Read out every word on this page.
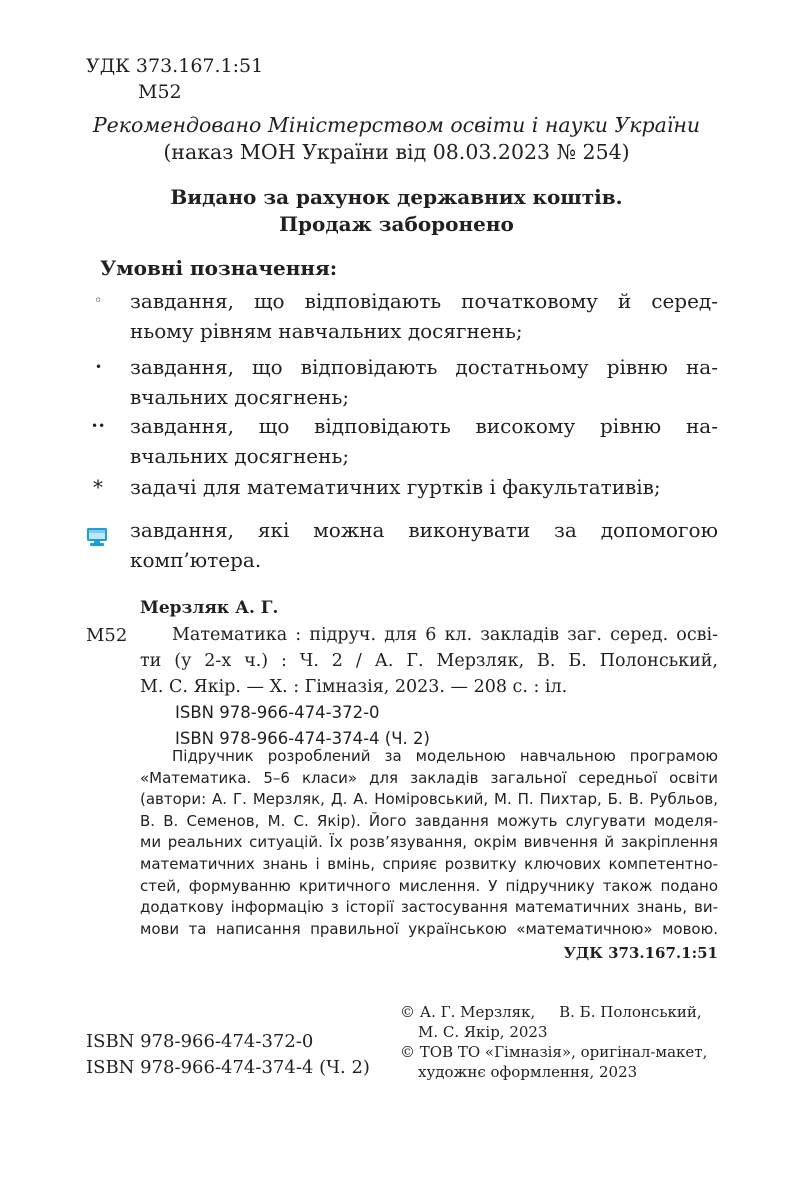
УДК 373.167.1:51
М52
Рекомендовано Міністерством освіти і науки України
(наказ МОН України від 08.03.2023 № 254)
Видано за рахунок державних коштів.
Продаж заборонено
Умовні позначення:
◦	завдання, що відповідають початковому й серед-
ньому рівням навчальних досягнень;
•	завдання, що відповідають достатньому рівню на-
вчальних досягнень;
••	завдання, що відповідають високому рівню на-
вчальних досягнень;
*	задачі для математичних гуртків і факультативів;
завдання, які можна виконувати за допомогою
комп’ютера.
Мерзляк А. Г.
М52	Математика : підруч. для 6 кл. закладів заг. серед. осві-
ти (у 2-х ч.) : Ч. 2 / А. Г. Мерзляк, В. Б. Полонський,
М. С. Якір. — Х. : Гімназія, 2023. — 208 с. : іл.
ISBN 978-966-474-372-0
ISBN 978-966-474-374-4 (Ч. 2)
Підручник розроблений за модельною навчальною програмою
«Математика. 5–6 класи» для закладів загальної середньої освіти
(автори: А. Г. Мерзляк, Д. А. Номіровський, М. П. Пихтар, Б. В. Рубльов,
В. В. Семенов, М. С. Якір). Його завдання можуть слугувати моделя-
ми реальних ситуацій. Їх розв’язування, окрім вивчення й закріплення
математичних знань і вмінь, сприяє розвитку ключових компетентно-
стей, формуванню критичного мислення. У підручнику також подано
додаткову інформацію з історії застосування математичних знань, ви-
мови та написання правильної українською «математичною» мовою.
УДК 373.167.1:51
ISBN 978-966-474-372-0
ISBN 978-966-474-374-4 (Ч. 2)
© А. Г. Мерзляк,     В. Б. Полонський,
М. С. Якір, 2023
© ТОВ ТО «Гімназія», оригінал-макет,
художнє оформлення, 2023
